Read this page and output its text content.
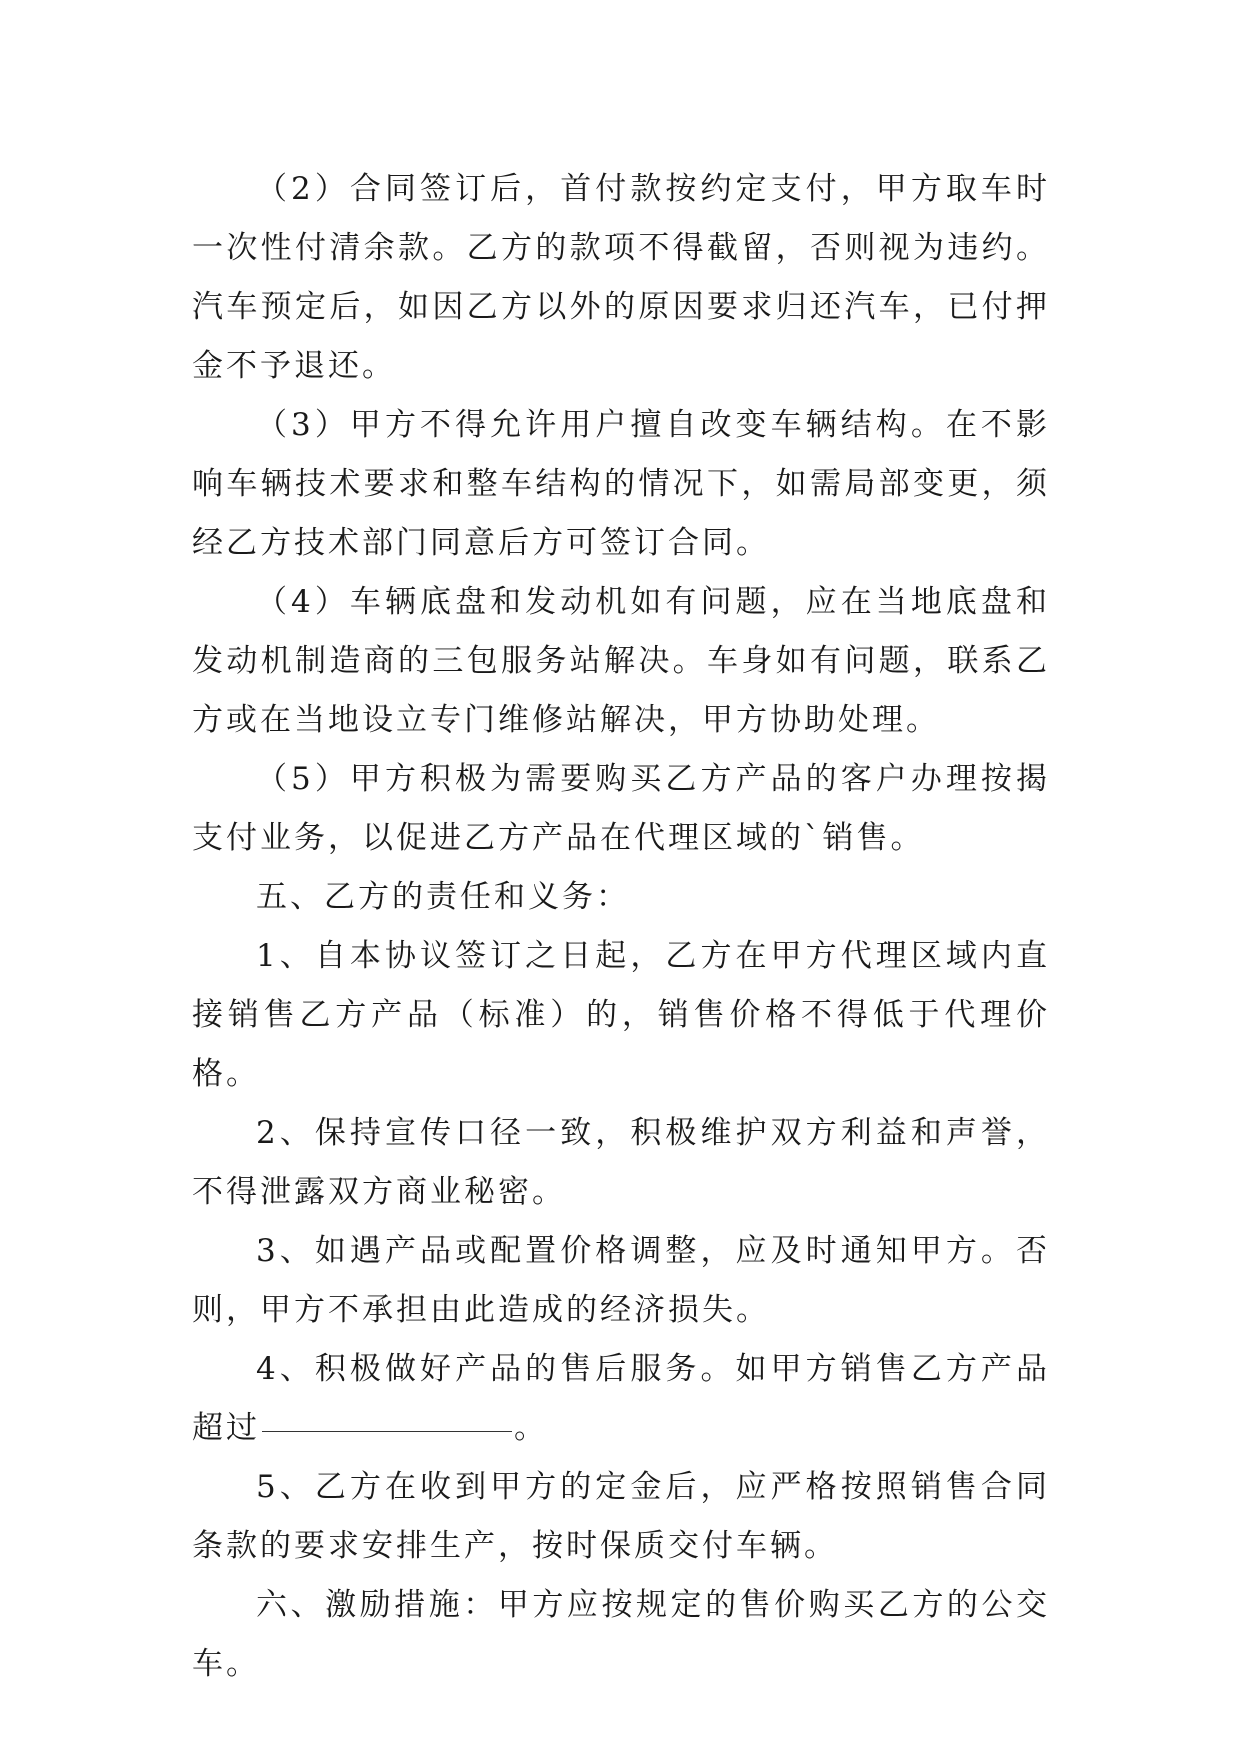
（2）合同签订后，首付款按约定支付，甲方取车时一次性付清余款。乙方的款项不得截留，否则视为违约。汽车预定后，如因乙方以外的原因要求归还汽车，已付押金不予退还。

（3）甲方不得允许用户擅自改变车辆结构。在不影响车辆技术要求和整车结构的情况下，如需局部变更，须经乙方技术部门同意后方可签订合同。

（4）车辆底盘和发动机如有问题，应在当地底盘和发动机制造商的三包服务站解决。车身如有问题，联系乙方或在当地设立专门维修站解决，甲方协助处理。

（5）甲方积极为需要购买乙方产品的客户办理按揭支付业务，以促进乙方产品在代理区域的`销售。

五、乙方的责任和义务：

1、自本协议签订之日起，乙方在甲方代理区域内直接销售乙方产品（标准）的，销售价格不得低于代理价格。

2、保持宣传口径一致，积极维护双方利益和声誉，不得泄露双方商业秘密。

3、如遇产品或配置价格调整，应及时通知甲方。否则，甲方不承担由此造成的经济损失。

4、积极做好产品的售后服务。如甲方销售乙方产品超过	。

5、乙方在收到甲方的定金后，应严格按照销售合同条款的要求安排生产，按时保质交付车辆。

六、激励措施：甲方应按规定的售价购买乙方的公交车。
